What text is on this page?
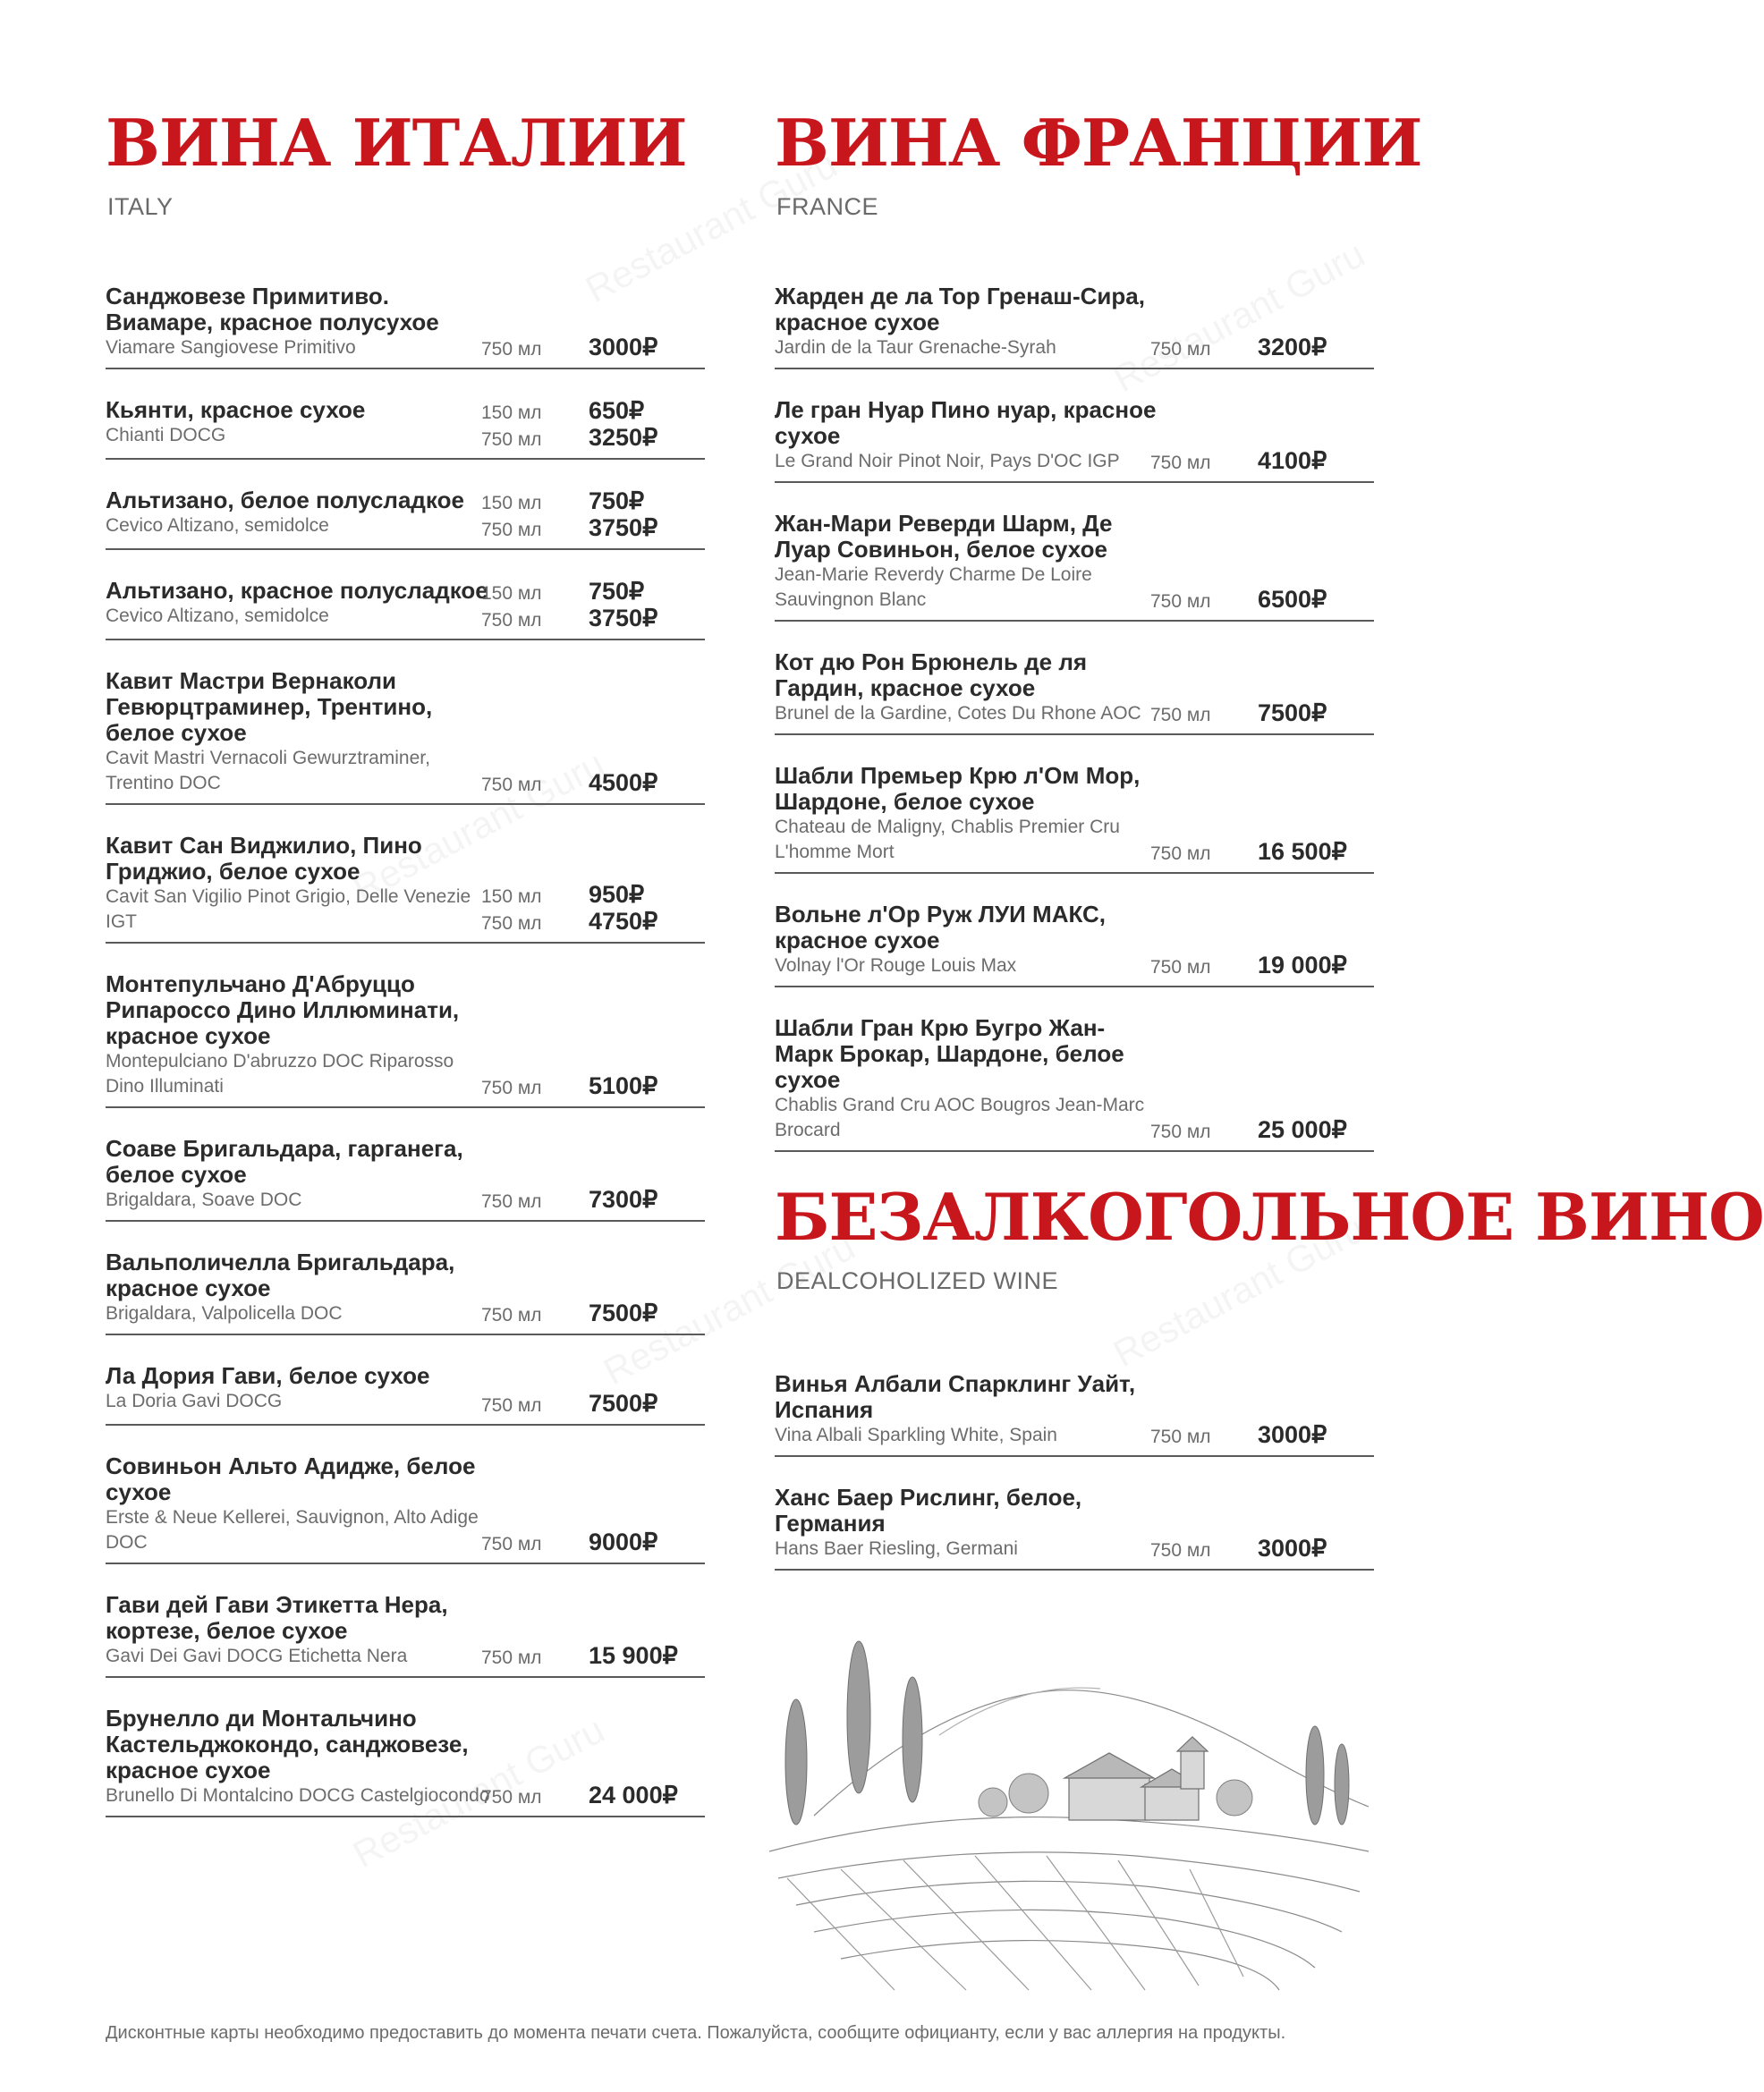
ВИНА ИТАЛИИ
ITALY
Санджовезе Примитиво. Виамаре, красное полусухое
Viamare Sangiovese Primitivo	750 мл	3000₽
Кьянти, красное сухое
Chianti DOCG
150 мл	650₽
750 мл	3250₽
Альтизано, белое полусладкое
Cevico Altizano, semidolce
150 мл	750₽
750 мл	3750₽
Альтизано, красное полусладкое
Cevico Altizano, semidolce
150 мл	750₽
750 мл	3750₽
Кавит Мастри Вернаколи Гевюрцтраминер, Трентино, белое сухое
Cavit Mastri Vernacoli Gewurztraminer, Trentino DOC	750 мл	4500₽
Кавит Сан Виджилио, Пино Гриджио, белое сухое
Cavit San Vigilio Pinot Grigio, Delle Venezie IGT
150 мл	950₽
750 мл	4750₽
Монтепульчано Д'Абруццо Рипароссо Дино Иллюминати, красное сухое
Montepulciano D'abruzzo DOC Riparosso Dino Illuminati	750 мл	5100₽
Соаве Бригальдара, гарганега, белое сухое
Brigaldara, Soave DOC	750 мл	7300₽
Вальполичелла Бригальдара, красное сухое
Brigaldara, Valpolicella DOC	750 мл	7500₽
Ла Дория Гави, белое сухое
La Doria Gavi DOCG	750 мл	7500₽
Совиньон Альто Адидже, белое сухое
Erste & Neue Kellerei, Sauvignon, Alto Adige DOC	750 мл	9000₽
Гави дей Гави Этикетта Нера, кортезе, белое сухое
Gavi Dei Gavi DOCG Etichetta Nera	750 мл	15 900₽
Брунелло ди Монтальчино Кастельджокондо, санджовезе, красное сухое
Brunello Di Montalcino DOCG Castelgiocondo
750 мл	24 000₽
ВИНА ФРАНЦИИ
FRANCE
Жарден де ла Тор Гренаш-Сира, красное сухое
Jardin de la Taur Grenache-Syrah	750 мл	3200₽
Ле гран Нуар Пино нуар, красное сухое
Le Grand Noir Pinot Noir, Pays D'OC IGP	750 мл	4100₽
Жан-Мари Реверди Шарм, Де Луар Совиньон, белое сухое
Jean-Marie Reverdy Charme De Loire Sauvingnon Blanc	750 мл	6500₽
Кот дю Рон Брюнель де ля Гардин, красное сухое
Brunel de la Gardine, Cotes Du Rhone AOC 750 мл	7500₽
Шабли Премьер Крю л'Ом Мор, Шардоне, белое сухое
Chateau de Maligny, Chablis Premier Cru L'homme Mort	750 мл	16 500₽
Вольне л'Ор Руж ЛУИ МАКС, красное сухое
Volnay l'Or Rouge Louis Max	750 мл	19 000₽
Шабли Гран Крю Бугро Жан-Марк Брокар, Шардоне, белое сухое
Chablis Grand Cru AOC Bougros Jean-Marc Brocard	750 мл	25 000₽
БЕЗАЛКОГОЛЬНОЕ ВИНО
DEALCOHOLIZED WINE
Винья Албали Спарклинг Уайт, Испания
Vina Albali Sparkling White, Spain	750 мл	3000₽
Ханс Баер Рислинг, белое, Германия
Hans Baer Riesling, Germani	750 мл	3000₽
Дисконтные карты необходимо предоставить до момента печати счета. Пожалуйста, сообщите официанту, если у вас аллергия на продукты.
